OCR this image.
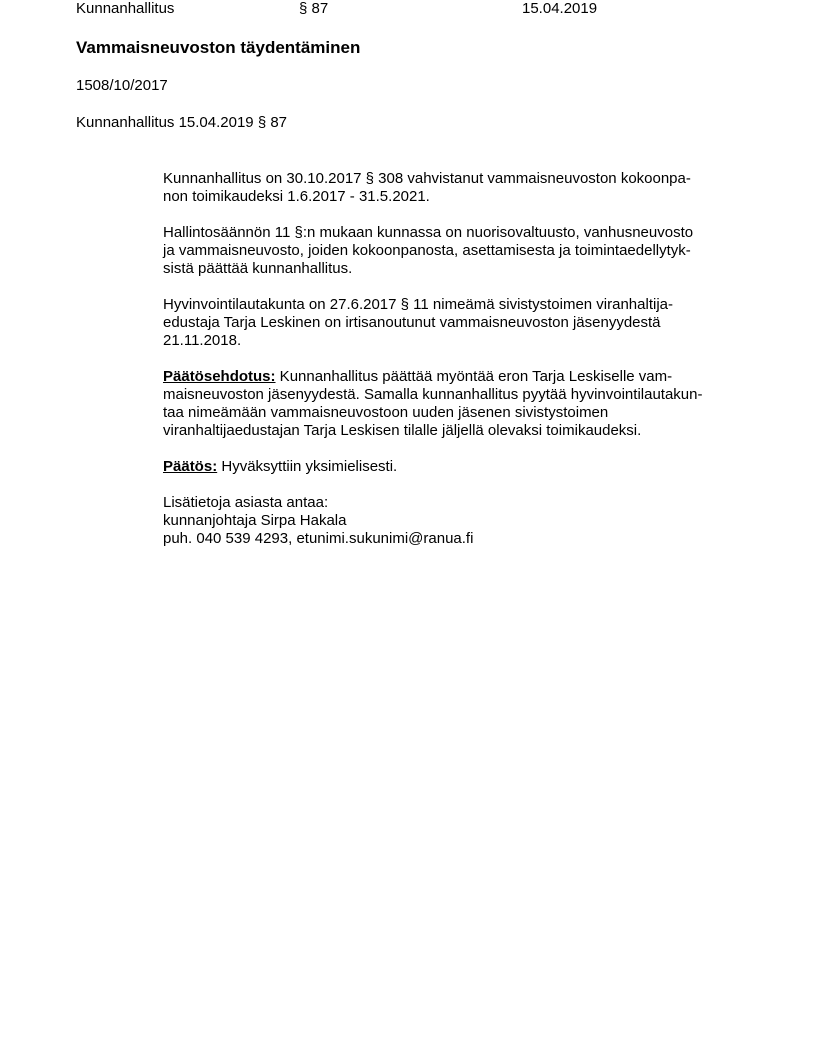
Kunnanhallitus	§ 87	15.04.2019
Vammaisneuvoston täydentäminen
1508/10/2017
Kunnanhallitus 15.04.2019 § 87

Kunnanhallitus on 30.10.2017 § 308 vahvistanut vammaisneuvoston kokoonpa-
non toimikaudeksi 1.6.2017 - 31.5.2021.

Hallintosäännön 11 §:n mukaan kunnassa on nuorisovaltuusto, vanhusneuvosto
ja vammaisneuvosto, joiden kokoonpanosta, asettamisesta ja toimintaedellytyk-
sistä päättää kunnanhallitus.

Hyvinvointilautakunta on 27.6.2017 § 11 nimeämä sivistystoimen viranhaltija-
edustaja Tarja Leskinen on irtisanoutunut vammaisneuvoston jäsenyydestä
21.11.2018.

Päätösehdotus: Kunnanhallitus päättää myöntää eron Tarja Leskiselle vam-
maisneuvoston jäsenyydestä. Samalla kunnanhallitus pyytää hyvinvointilautakun-
taa nimeämään vammaisneuvostoon uuden jäsenen sivistystoimen
viranhaltijaedustajan Tarja Leskisen tilalle jäljellä olevaksi toimikaudeksi.

Päätös: Hyväksyttiin yksimielisesti.

Lisätietoja asiasta antaa:
kunnanjohtaja Sirpa Hakala
puh. 040 539 4293, etunimi.sukunimi@ranua.fi
